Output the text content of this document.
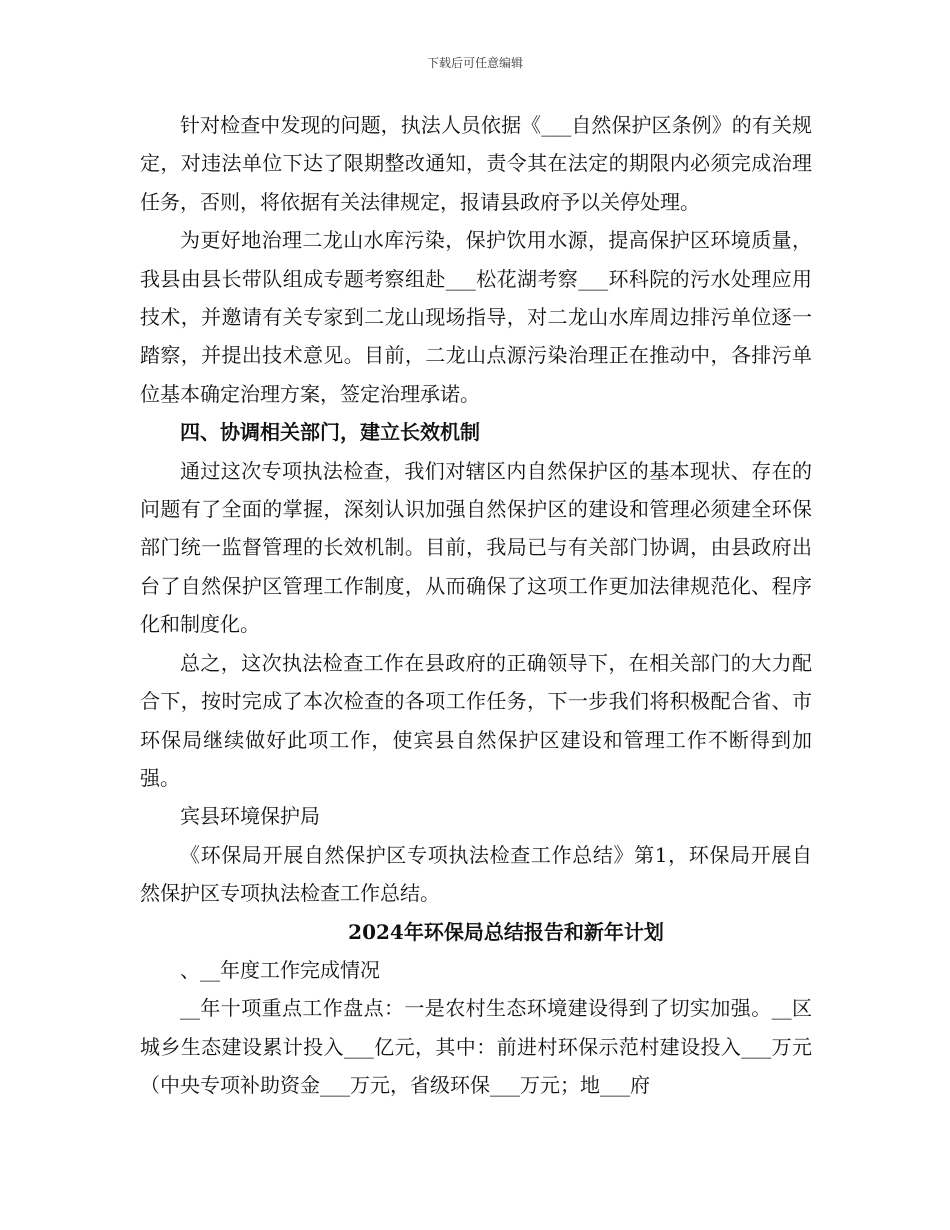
下载后可任意编辑

针对检查中发现的问题，执法人员依据《___自然保护区条例》的有关规定，对违法单位下达了限期整改通知，责令其在法定的期限内必须完成治理任务，否则，将依据有关法律规定，报请县政府予以关停处理。

为更好地治理二龙山水库污染，保护饮用水源，提高保护区环境质量，我县由县长带队组成专题考察组赴___松花湖考察___环科院的污水处理应用技术，并邀请有关专家到二龙山现场指导，对二龙山水库周边排污单位逐一踏察，并提出技术意见。目前，二龙山点源污染治理正在推动中，各排污单位基本确定治理方案，签定治理承诺。

四、协调相关部门，建立长效机制

通过这次专项执法检查，我们对辖区内自然保护区的基本现状、存在的问题有了全面的掌握，深刻认识加强自然保护区的建设和管理必须建全环保部门统一监督管理的长效机制。目前，我局已与有关部门协调，由县政府出台了自然保护区管理工作制度，从而确保了这项工作更加法律规范化、程序化和制度化。

总之，这次执法检查工作在县政府的正确领导下，在相关部门的大力配合下，按时完成了本次检查的各项工作任务，下一步我们将积极配合省、市环保局继续做好此项工作，使宾县自然保护区建设和管理工作不断得到加强。

宾县环境保护局

《环保局开展自然保护区专项执法检查工作总结》第1，环保局开展自然保护区专项执法检查工作总结。

2024年环保局总结报告和新年计划

、__年度工作完成情况

__年十项重点工作盘点：一是农村生态环境建设得到了切实加强。__区城乡生态建设累计投入___亿元，其中：前进村环保示范村建设投入___万元（中央专项补助资金___万元，省级环保___万元；地___府
